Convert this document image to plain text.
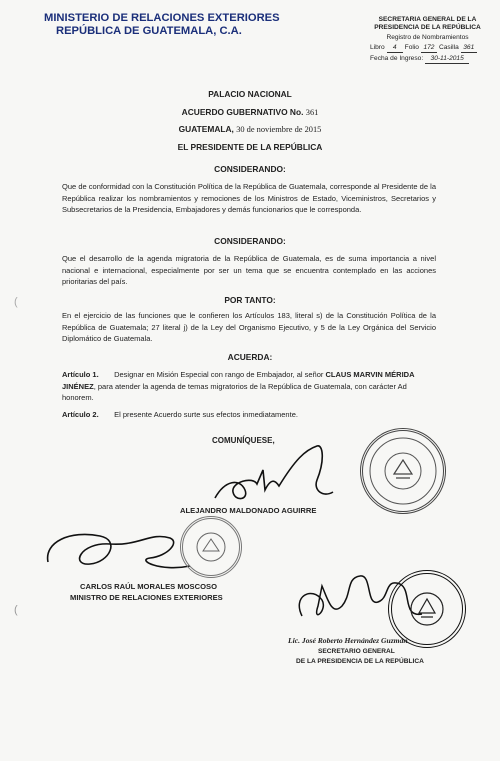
MINISTERIO DE RELACIONES EXTERIORES
REPÚBLICA DE GUATEMALA, C.A.
SECRETARIA GENERAL DE LA
PRESIDENCIA DE LA REPÚBLICA
Registro de Nombramientos
Libro	4	Folio 172 Casilla 361
Fecha de Ingreso:	30-11-2015
PALACIO NACIONAL
ACUERDO GUBERNATIVO No. 361
GUATEMALA, 30 de noviembre de 2015
EL PRESIDENTE DE LA REPÚBLICA
CONSIDERANDO:
Que de conformidad con la Constitución Política de la República de Guatemala, corresponde al Presidente de la República realizar los nombramientos y remociones de los Ministros de Estado, Viceministros, Secretarios y Subsecretarios de la Presidencia, Embajadores y demás funcionarios que le corresponda.
CONSIDERANDO:
Que el desarrollo de la agenda migratoria de la República de Guatemala, es de suma importancia a nivel nacional e internacional, especialmente por ser un tema que se encuentra contemplado en las acciones prioritarias del país.
POR TANTO:
En el ejercicio de las funciones que le confieren los Artículos 183, literal s) de la Constitución Política de la República de Guatemala; 27 literal j) de la Ley del Organismo Ejecutivo, y 5 de la Ley Orgánica del Servicio Diplomático de Guatemala.
ACUERDA:
Artículo 1. Designar en Misión Especial con rango de Embajador, al señor CLAUS MARVIN MÉRIDA JINÉNEZ, para atender la agenda de temas migratorios de la República de Guatemala, con carácter Ad honorem.
Artículo 2. El presente Acuerdo surte sus efectos inmediatamente.
COMUNÍQUESE,
ALEJANDRO MALDONADO AGUIRRE
CARLOS RAÚL MORALES MOSCOSO
MINISTRO DE RELACIONES EXTERIORES
Lic. José Roberto Hernández Guzmán
SECRETARIO GENERAL
DE LA PRESIDENCIA DE LA REPÚBLICA
(
(
